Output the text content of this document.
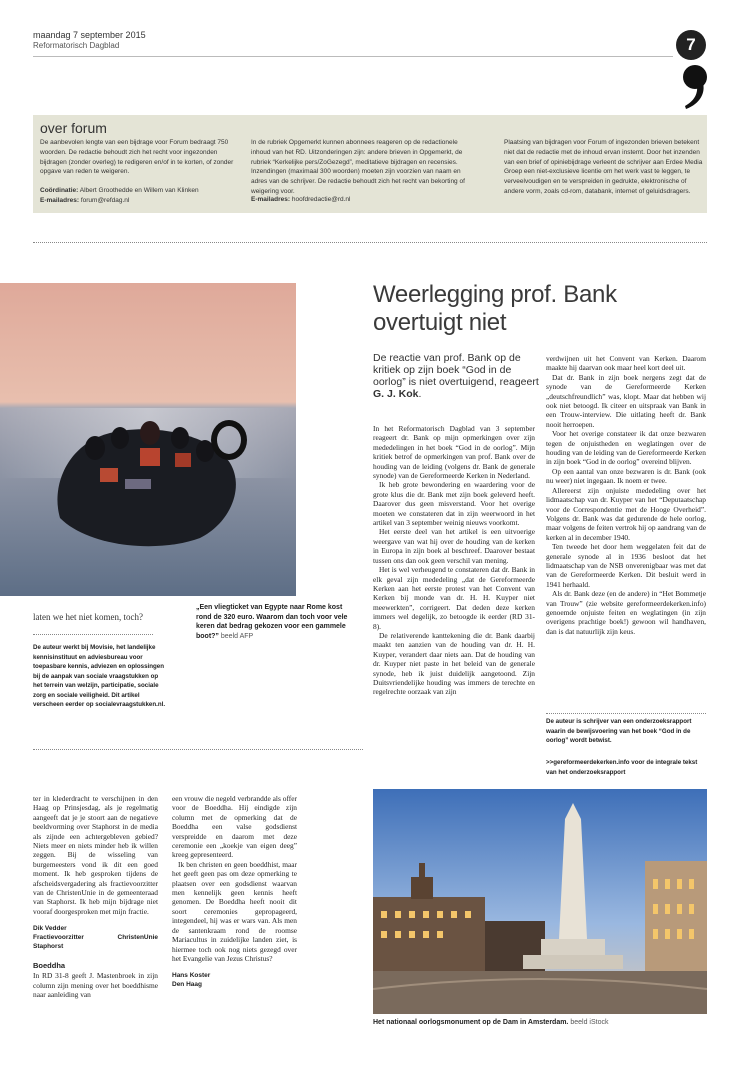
maandag 7 september 2015
Reformatorisch Dagblad	7
over forum
De aanbevolen lengte van een bijdrage voor Forum bedraagt 750 woorden. De redactie behoudt zich het recht voor ingezonden bijdragen (zonder overleg) te redigeren en/of in te korten, of zonder opgave van reden te weigeren.
Coördinatie: Albert Groothedde en Willem van Klinken
E-mailadres: forum@refdag.nl
In de rubriek Opgemerkt kunnen abonnees reageren op de redactionele inhoud van het RD. Uitzonderingen zijn: andere brieven in Opgemerkt, de rubriek “Kerkelijke pers/ZoGezegd”, meditatieve bijdragen en recensies. Inzendingen (maximaal 300 woorden) moeten zijn voorzien van naam en adres van de schrijver. De redactie behoudt zich het recht van bekorting of weigering voor.
E-mailadres: hoofdredactie@rd.nl
Plaatsing van bijdragen voor Forum of ingezonden brieven betekent niet dat de redactie met de inhoud ervan instemt. Door het inzenden van een brief of opiniebijdrage verleent de schrijver aan Erdee Media Groep een niet-exclusieve licentie om het werk vast te leggen, te verveelvoudigen en te verspreiden in gedrukte, elektronische of andere vorm, zoals cd-rom, databank, internet of geluidsdragers.
laten we het niet komen, toch?
„Een vliegticket van Egypte naar Rome kost rond de 320 euro. Waarom dan toch voor vele keren dat bedrag gekozen voor een gammele boot?” beeld AFP
De auteur werkt bij Movisie, het landelijke kennisinstituut en adviesbureau voor toepasbare kennis, adviezen en oplossingen bij de aanpak van sociale vraagstukken op het terrein van welzijn, participatie, sociale zorg en sociale veiligheid. Dit artikel verscheen eerder op socialevraagstukken.nl.
Weerlegging prof. Bank overtuigt niet
De reactie van prof. Bank op de kritiek op zijn boek “God in de oorlog” is niet overtuigend, reageert G. J. Kok.

In het Reformatorisch Dagblad van 3 september reageert dr. Bank op mijn opmerkingen over zijn mededelingen in het boek “God in de oorlog”. Mijn kritiek betrof de opmerkingen van prof. Bank over de houding van de leiding (volgens dr. Bank de generale synode) van de Gereformeerde Kerken in Nederland.

Ik heb grote bewondering en waardering voor de grote klus die dr. Bank met zijn boek geleverd heeft. Daarover dus geen misverstand. Voor het overige moeten we constateren dat in zijn weerwoord in het artikel van 3 september weinig nieuws voorkomt.

Het eerste deel van het artikel is een uitvoerige weergave van wat hij over de houding van de kerken in Europa in zijn boek al beschreef. Daarover bestaat tussen ons dan ook geen verschil van mening.

Het is wel verheugend te constateren dat dr. Bank in elk geval zijn mededeling „dat de Gereformeerde Kerken aan het eerste protest van het Convent van Kerken bij monde van dr. H. H. Kuyper niet meewerkten”, corrigeert. Dat deden deze kerken immers wel degelijk, zo betoogde ik eerder (RD 31-8).

De relativerende kanttekening die dr. Bank daarbij maakt ten aanzien van de houding van dr. H. H. Kuyper, verandert daar niets aan. Dat de houding van dr. Kuyper niet paste in het beleid van de generale synode, heb ik juist duidelijk aangetoond. Zijn Duitsvriendelijke houding was immers de terechte en regelrechte oorzaak van zijn

verdwijnen uit het Convent van Kerken. Daarom maakte hij daarvan ook maar heel kort deel uit.

Dat dr. Bank in zijn boek nergens zegt dat de synode van de Gereformeerde Kerken „deutschfreundlich” was, klopt. Maar dat hebben wij ook niet betoogd. Ik citeer en uitspraak van Bank in een Trouw-interview. Die uitlating heeft dr. Bank nooit herroepen.

Voor het overige constateer ik dat onze bezwaren tegen de onjuistheden en weglatingen over de houding van de leiding van de Gereformeerde Kerken in zijn boek “God in de oorlog” overeind blijven.

Op een aantal van onze bezwaren is dr. Bank (ook nu weer) niet ingegaan. Ik noem er twee.

Allereerst zijn onjuiste mededeling over het lidmaatschap van dr. Kuyper van het “Deputaatschap voor de Correspondentie met de Hooge Overheid”. Volgens dr. Bank was dat gedurende de hele oorlog, maar volgens de feiten vertrok hij op aandrang van de kerken al in december 1940.

Ten tweede het door hem weggelaten feit dat de generale synode al in 1936 besloot dat het lidmaatschap van de NSB onverenigbaar was met dat van de Gereformeerde Kerken. Dit besluit werd in 1941 herhaald.

Als dr. Bank deze (en de andere) in “Het Bommetje van Trouw” (zie website gereformeerdekerken.info) genoemde onjuiste feiten en weglatingen (in zijn overigens prachtige boek!) gewoon wil handhaven, dan is dat natuurlijk zijn keus.

De auteur is schrijver van een onderzoeksrapport waarin de bewijsvoering van het boek “God in de oorlog” wordt betwist.
>>gereformeerdekerken.info voor de integrale tekst van het onderzoeksrapport

ter in klederdracht te verschijnen in den Haag op Prinsjesdag, als je regelmatig aangeeft dat je je stoort aan de negatieve beeldvorming over Staphorst in de media als zijnde een achtergebleven gebied? Niets meer en niets minder heb ik willen zeggen. Bij de wisseling van burgemeesters vond ik dit een goed moment. Ik heb gesproken tijdens de afscheidsvergadering als fractievoorzitter van de ChristenUnie in de gemeenteraad van Staphorst. Ik heb mijn bijdrage niet vooraf doorgesproken met mijn fractie.

Dik Vedder
Fractievoorzitter ChristenUnie Staphorst
Boeddha

In RD 31-8 geeft J. Mastenbroek in zijn column zijn mening over het boeddhisme naar aanleiding van

een vrouw die negeld verbrandde als offer voor de Boeddha. Hij eindigde zijn column met de opmerking dat de Boeddha een valse godsdienst verspreidde en daarom met deze ceremonie een „koekje van eigen deeg” kreeg gepresenteerd.

Ik ben christen en geen boeddhist, maar het geeft geen pas om deze opmerking te plaatsen over een godsdienst waarvan men kennelijk geen kennis heeft genomen. De Boeddha heeft nooit dit soort ceremonies gepropageerd, integendeel, hij was er wars van. Als men de santenkraam rond de roomse Mariacultus in zuidelijke landen ziet, is hiermee toch ook nog niets gezegd over het Evangelie van Jezus Christus?

Hans Koster
Den Haag
Het nationaal oorlogsmonument op de Dam in Amsterdam. beeld iStock
